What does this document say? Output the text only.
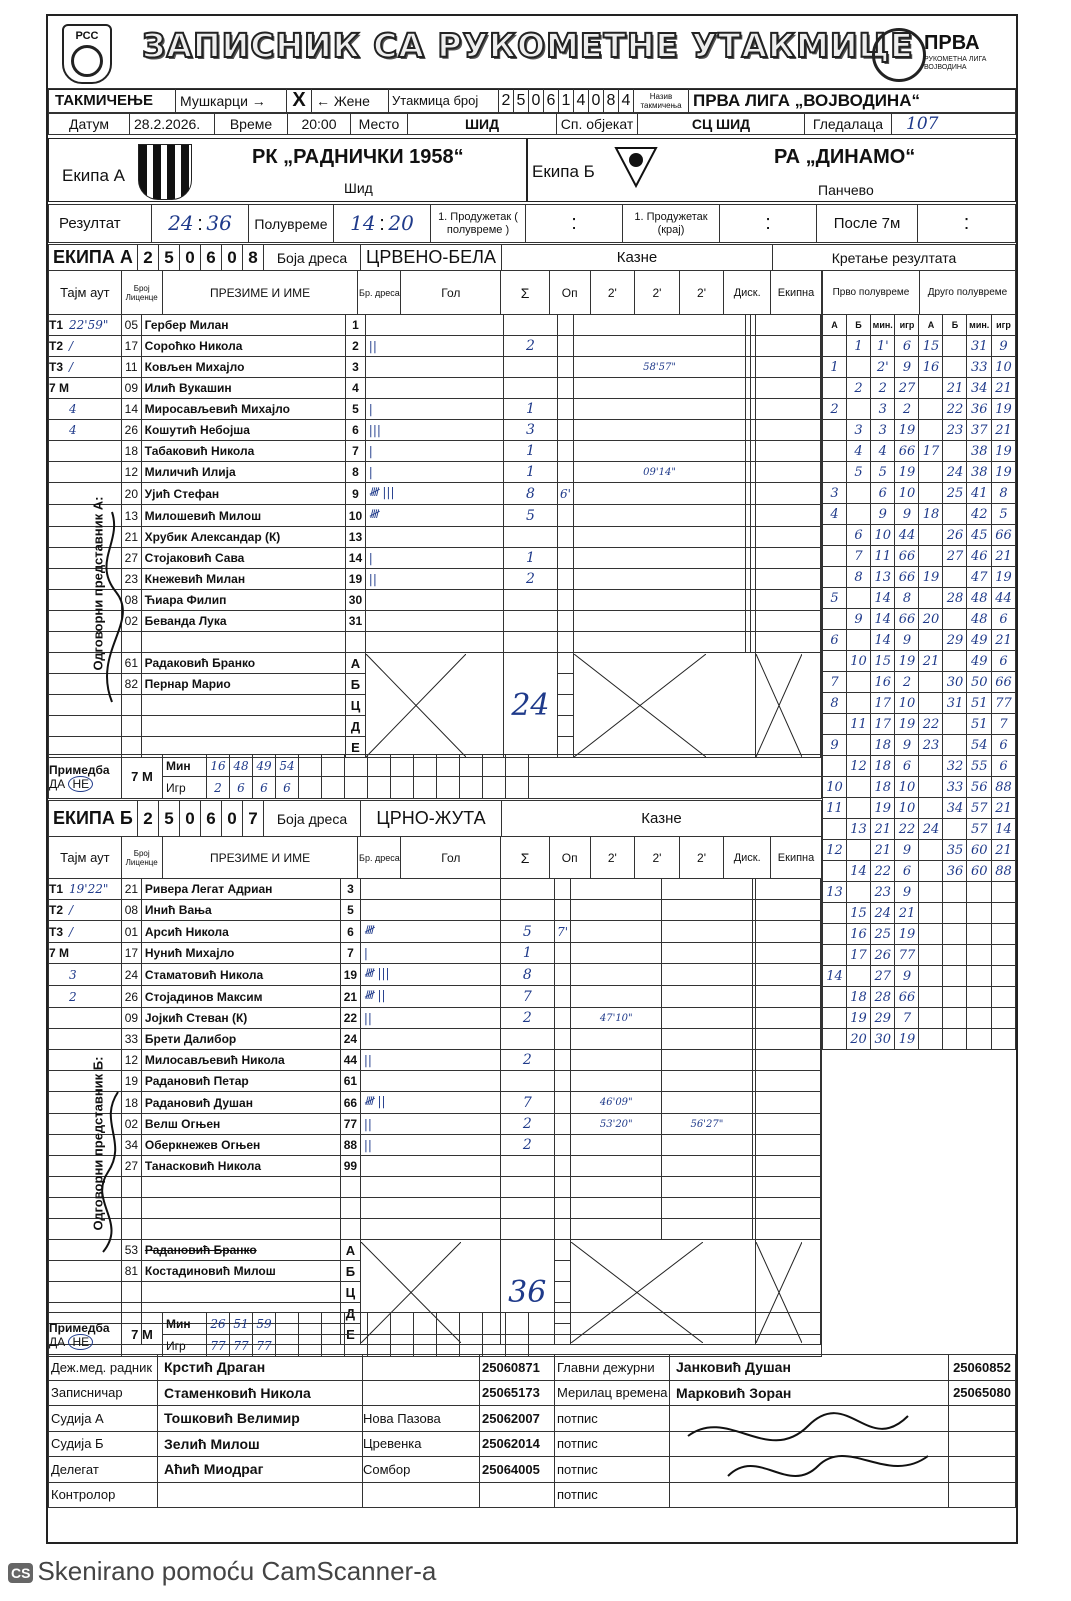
РСС ЗАПИСНИК СА РУКОМЕТНЕ УТАКМИЦЕ ПРВА
РУКОМЕТНА ЛИГА ВОЈВОДИНА
ТАКМИЧЕЊЕ	Мушкарци →	X	← Жене	Утакмица број	2	5	0	6	1	4	0	8	4	Назив такмичења	ПРВА ЛИГА „ВОЈВОДИНА“
Датум	28.2.2026.	Време	20:00	Место	ШИД	Сп. објекат	СЦ ШИД	Гледалаца	107
Екипа А
РК „РАДНИЧКИ 1958“
Шид
Екипа Б
РА „ДИНАМО“
Панчево
Резултат	24 : 36	Полувреме	14 : 20	1. Продужетак ( полувреме )	:	1. Продужетак (крај)	:	После 7м	:
ЕКИПА А	2	5	0	6	0	8	Боја дреса	ЦРВЕНО-БЕЛА	Казне	Кретање резултата
Тајм аут	Број Лиценце	ПРЕЗИМЕ И ИМЕ	Бр. дреса	Гол	Σ	Оп	2'	2'	2'	Диск.	Екипна
T1 22'59"	05	Гербер Милан	1								
T2 /	17	Сороћко Никола	2	||	2						
T3 /	11	Ковљен Михајло	3				58'57"				
7 М	09	Илић Вукашин	4								
4	14	Миросављевић Михајло	5	|	1						
4	26	Кошутић Небојша	6	|||	3						
	18	Табаковић Никола	7	|	1						
	12	Миличић Илија	8	|	1		09'14"				
	20	Ујић Стефан	9	𝍸 |||	8	6'					
	13	Милошевић Милош	10	𝍸	5						
	21	Хрубик Александар (К)	13								
	27	Стојаковић Сава	14	|	1						
	23	Кнежевић Милан	19	||	2						
	08	Ћиара Филип	30								
	02	Беванда Лука	31								

	61	Радаковић Бранко	А		24		

	82	Пернар Марио	Б								
			Ц								
			Д								
			Е								
Прво полувреме	Друго полувреме
А	Б	мин.	игр	А	Б	мин.	игр
	1	1'	6	15		31	9
1		2'	9	16		33	10
	2	2	27		21	34	21
2		3	2		22	36	19
	3	3	19		23	37	21
	4	4	66	17		38	19
	5	5	19		24	38	19
3		6	10		25	41	8
4		9	9	18		42	5
	6	10	44		26	45	66
	7	11	66		27	46	21
	8	13	66	19		47	19
5		14	8		28	48	44
	9	14	66	20		48	6
6		14	9		29	49	21
	10	15	19	21		49	6
7		16	2		30	50	66
8		17	10		31	51	77
	11	17	19	22		51	7
9		18	9	23		54	6
	12	18	6		32	55	6
10		18	10		33	56	88
11		19	10		34	57	21
	13	21	22	24		57	14
12		21	9		35	60	21
	14	22	6		36	60	88
13		23	9				
	15	24	21				
	16	25	19				
	17	26	77				
14		27	9				
	18	28	66				
	19	29	7				
	20	30	19				
Одговорни представник А:
Примедба
ДА НЕ	7 М	Мин	16	48	49	54											
		Игр	2	6	6	6											
ЕКИПА Б	2	5	0	6	0	7	Боја дреса	ЦРНО-ЖУТА	Казне
Тајм аут	Број Лиценце	ПРЕЗИМЕ И ИМЕ	Бр. дреса	Гол	Σ	Оп	2'	2'	2'	Диск.	Екипна
T1 19'22"	21	Ривера Легат Адриан	3								
T2 /	08	Инић Вања	5								
T3 /	01	Арсић Никола	6	𝍸	5	7'					
7 М	17	Нунић Михајло	7	|	1						
3	24	Стаматовић Никола	19	𝍸 |||	8						
2	26	Стојадинов Максим	21	𝍸 ||	7						
	09	Јојкић Стеван (К)	22	||	2		47'10"				
	33	Брети Далибор	24								
	12	Милосављевић Никола	44	||	2						
	19	Радановић Петар	61								
	18	Радановић Душан	66	𝍸 ||	7		46'09"				
	02	Велш Огњен	77	||	2		53'20"	56'27"			
	34	Оберкнежев Огњен	88	||	2						
	27	Танасковић Никола	99								

	53	Радановић Бранко	А		36		

	81	Костадиновић Милош	Б								
			Ц								
			Д								
			Е								
Одговорни представник Б:
Примедба
ДА НЕ	7 М	Мин	26	51	59												
		Игр	77	77	77												
Деж.мед. радник	Крстић Драган		25060871	Главни дежурни	Јанковић Душан	25060852
Записничар	Стаменковић Никола		25065173	Мерилац времена	Марковић Зоран	25065080
Судија А	Тошковић Велимир	Нова Пазова	25062007	потпис		
Судија Б	Зелић Милош	Цревенка	25062014	потпис		
Делегат	Аћић Миодраг	Сомбор	25064005	потпис		
Контролор				потпис		
CS Skenirano pomoću CamScanner-a
